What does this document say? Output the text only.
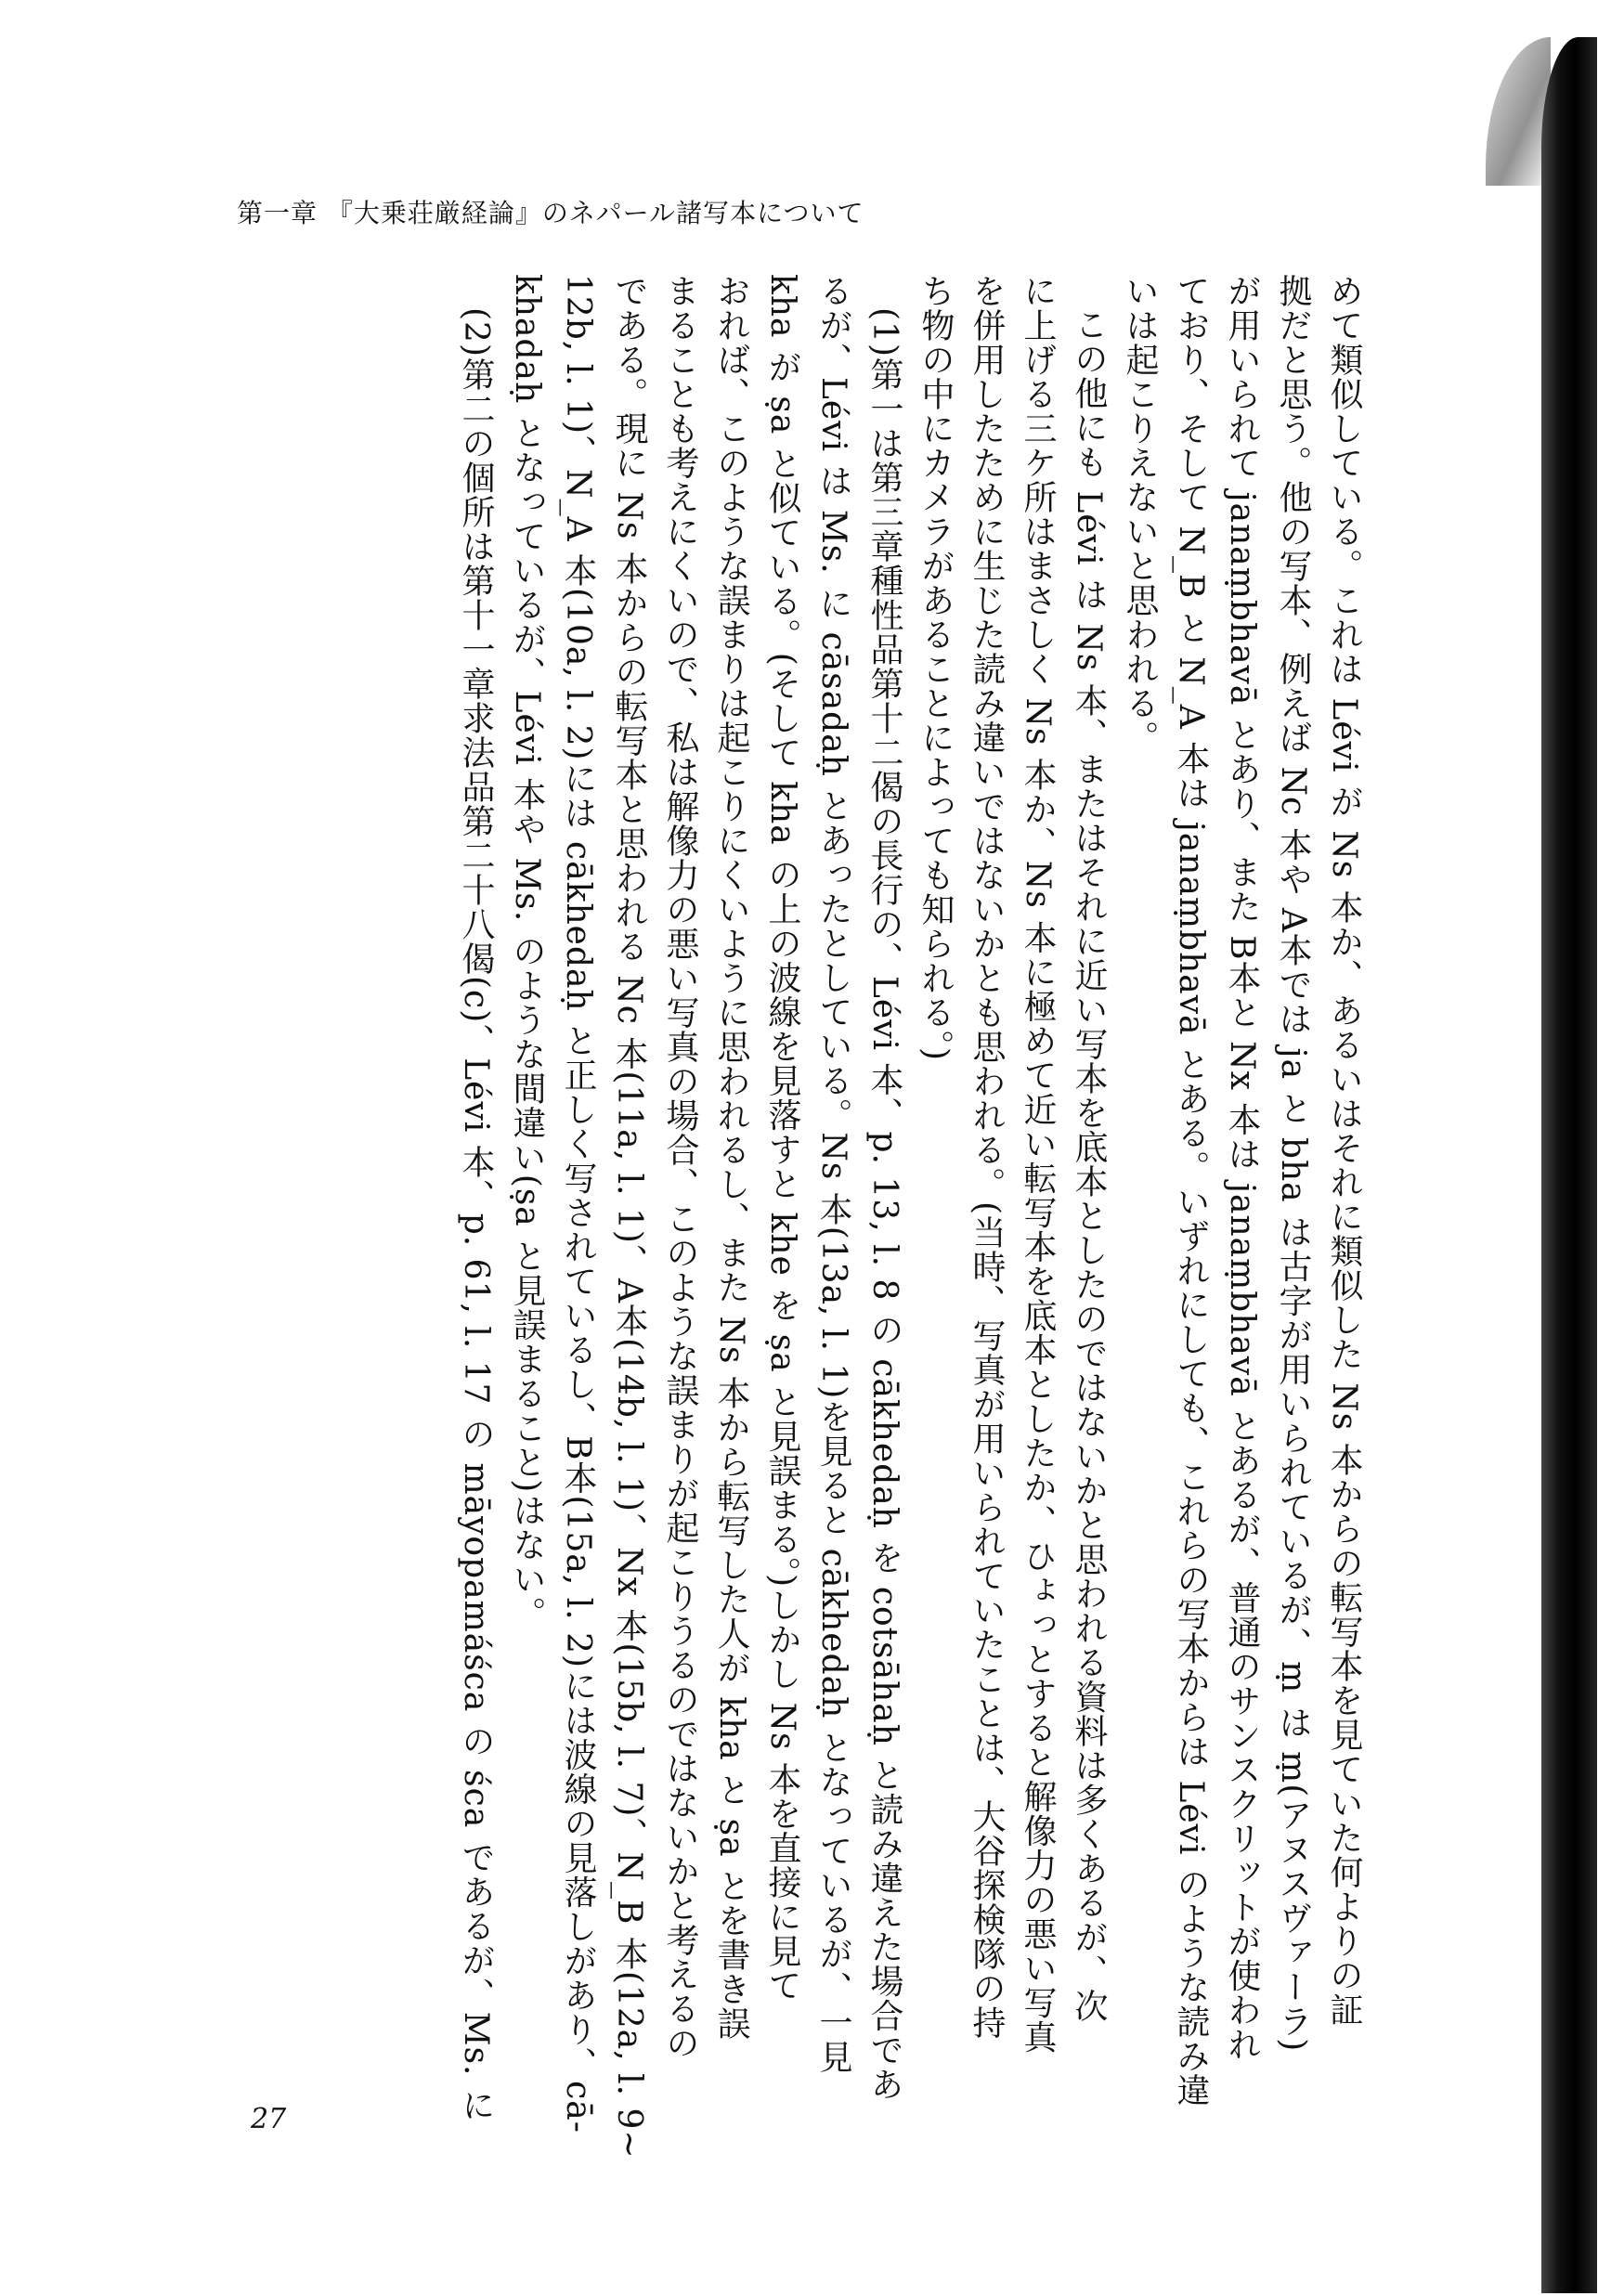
第一章 『大乗荘厳経論』のネパール諸写本について
めて類似している。これは Lévi が Ns 本か、あるいはそれに類似した Ns 本からの転写本を見ていた何よりの証
拠だと思う。他の写本、例えば Nc 本や A本では ja と bha は古字が用いられているが、ṃ は ṃ(アヌスヴァーラ)
が用いられて janaṃbhavā とあり、また B本と Nx 本は janaṃbhavā とあるが、普通のサンスクリットが使われ
ており、そして N_B と N_A 本は janaṃbhavā とある。いずれにしても、これらの写本からは Lévi のような読み違
いは起こりえないと思われる。
この他にも Lévi は Ns 本、またはそれに近い写本を底本としたのではないかと思われる資料は多くあるが、次
に上げる三ケ所はまさしく Ns 本か、Ns 本に極めて近い転写本を底本としたか、ひょっとすると解像力の悪い写真
を併用したために生じた読み違いではないかとも思われる。(当時、写真が用いられていたことは、大谷探検隊の持
ち物の中にカメラがあることによっても知られる。)
(1)第一は第三章種性品第十二偈の長行の、Lévi 本、p. 13, l. 8 の cākhedaḥ を cotsāhaḥ と読み違えた場合であ
るが、Lévi は Ms. に cāsadaḥ とあったとしている。Ns 本(13a, l. 1)を見ると cākhedaḥ となっているが、一見
kha が ṣa と似ている。(そして kha の上の波線を見落すと khe を ṣa と見誤まる。)しかし Ns 本を直接に見て
おれば、このような誤まりは起こりにくいように思われるし、また Ns 本から転写した人が kha と ṣa とを書き誤
まることも考えにくいので、私は解像力の悪い写真の場合、このような誤まりが起こりうるのではないかと考えるの
である。現に Ns 本からの転写本と思われる Nc 本(11a, l. 1)、A本(14b, l. 1)、Nx 本(15b, l. 7)、N_B 本(12a, l. 9~
12b, l. 1)、N_A 本(10a, l. 2)には cākhedaḥ と正しく写されているし、B本(15a, l. 2)には波線の見落しがあり、cā-
khadaḥ となっているが、Lévi 本や Ms. のような間違い(ṣa と見誤まること)はない。
(2)第二の個所は第十一章求法品第二十八偈(c)、Lévi 本、p. 61, l. 17 の māyopamáśca の śca であるが、Ms. に
27
